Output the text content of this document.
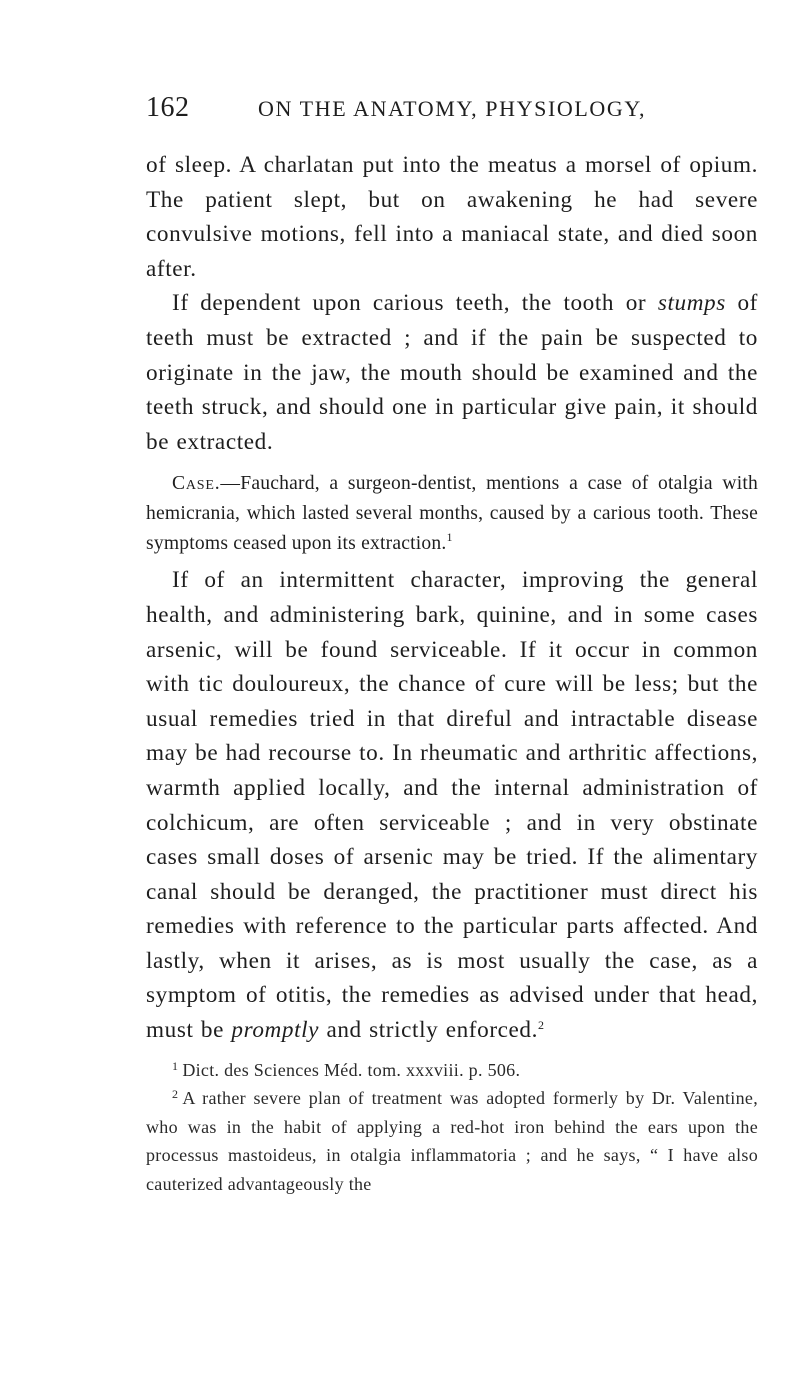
162	ON THE ANATOMY, PHYSIOLOGY,

of sleep. A charlatan put into the meatus a morsel of opium. The patient slept, but on awakening he had severe convulsive motions, fell into a maniacal state, and died soon after.

If dependent upon carious teeth, the tooth or stumps of teeth must be extracted ; and if the pain be suspected to originate in the jaw, the mouth should be examined and the teeth struck, and should one in particular give pain, it should be extracted.

Case.—Fauchard, a surgeon-dentist, mentions a case of otalgia with hemicrania, which lasted several months, caused by a carious tooth. These symptoms ceased upon its extraction.$^1$

If of an intermittent character, improving the general health, and administering bark, quinine, and in some cases arsenic, will be found serviceable. If it occur in common with tic douloureux, the chance of cure will be less; but the usual remedies tried in that direful and intractable disease may be had recourse to. In rheumatic and arthritic affections, warmth applied locally, and the internal administration of colchicum, are often serviceable ; and in very obstinate cases small doses of arsenic may be tried. If the alimentary canal should be deranged, the practitioner must direct his remedies with reference to the particular parts affected. And lastly, when it arises, as is most usually the case, as a symptom of otitis, the remedies as advised under that head, must be promptly and strictly enforced.$^2$

$^1$ Dict. des Sciences Méd. tom. xxxviii. p. 506.

$^2$ A rather severe plan of treatment was adopted formerly by Dr. Valentine, who was in the habit of applying a red-hot iron behind the ears upon the processus mastoideus, in otalgia inflammatoria ; and he says, “ I have also cauterized advantageously the
